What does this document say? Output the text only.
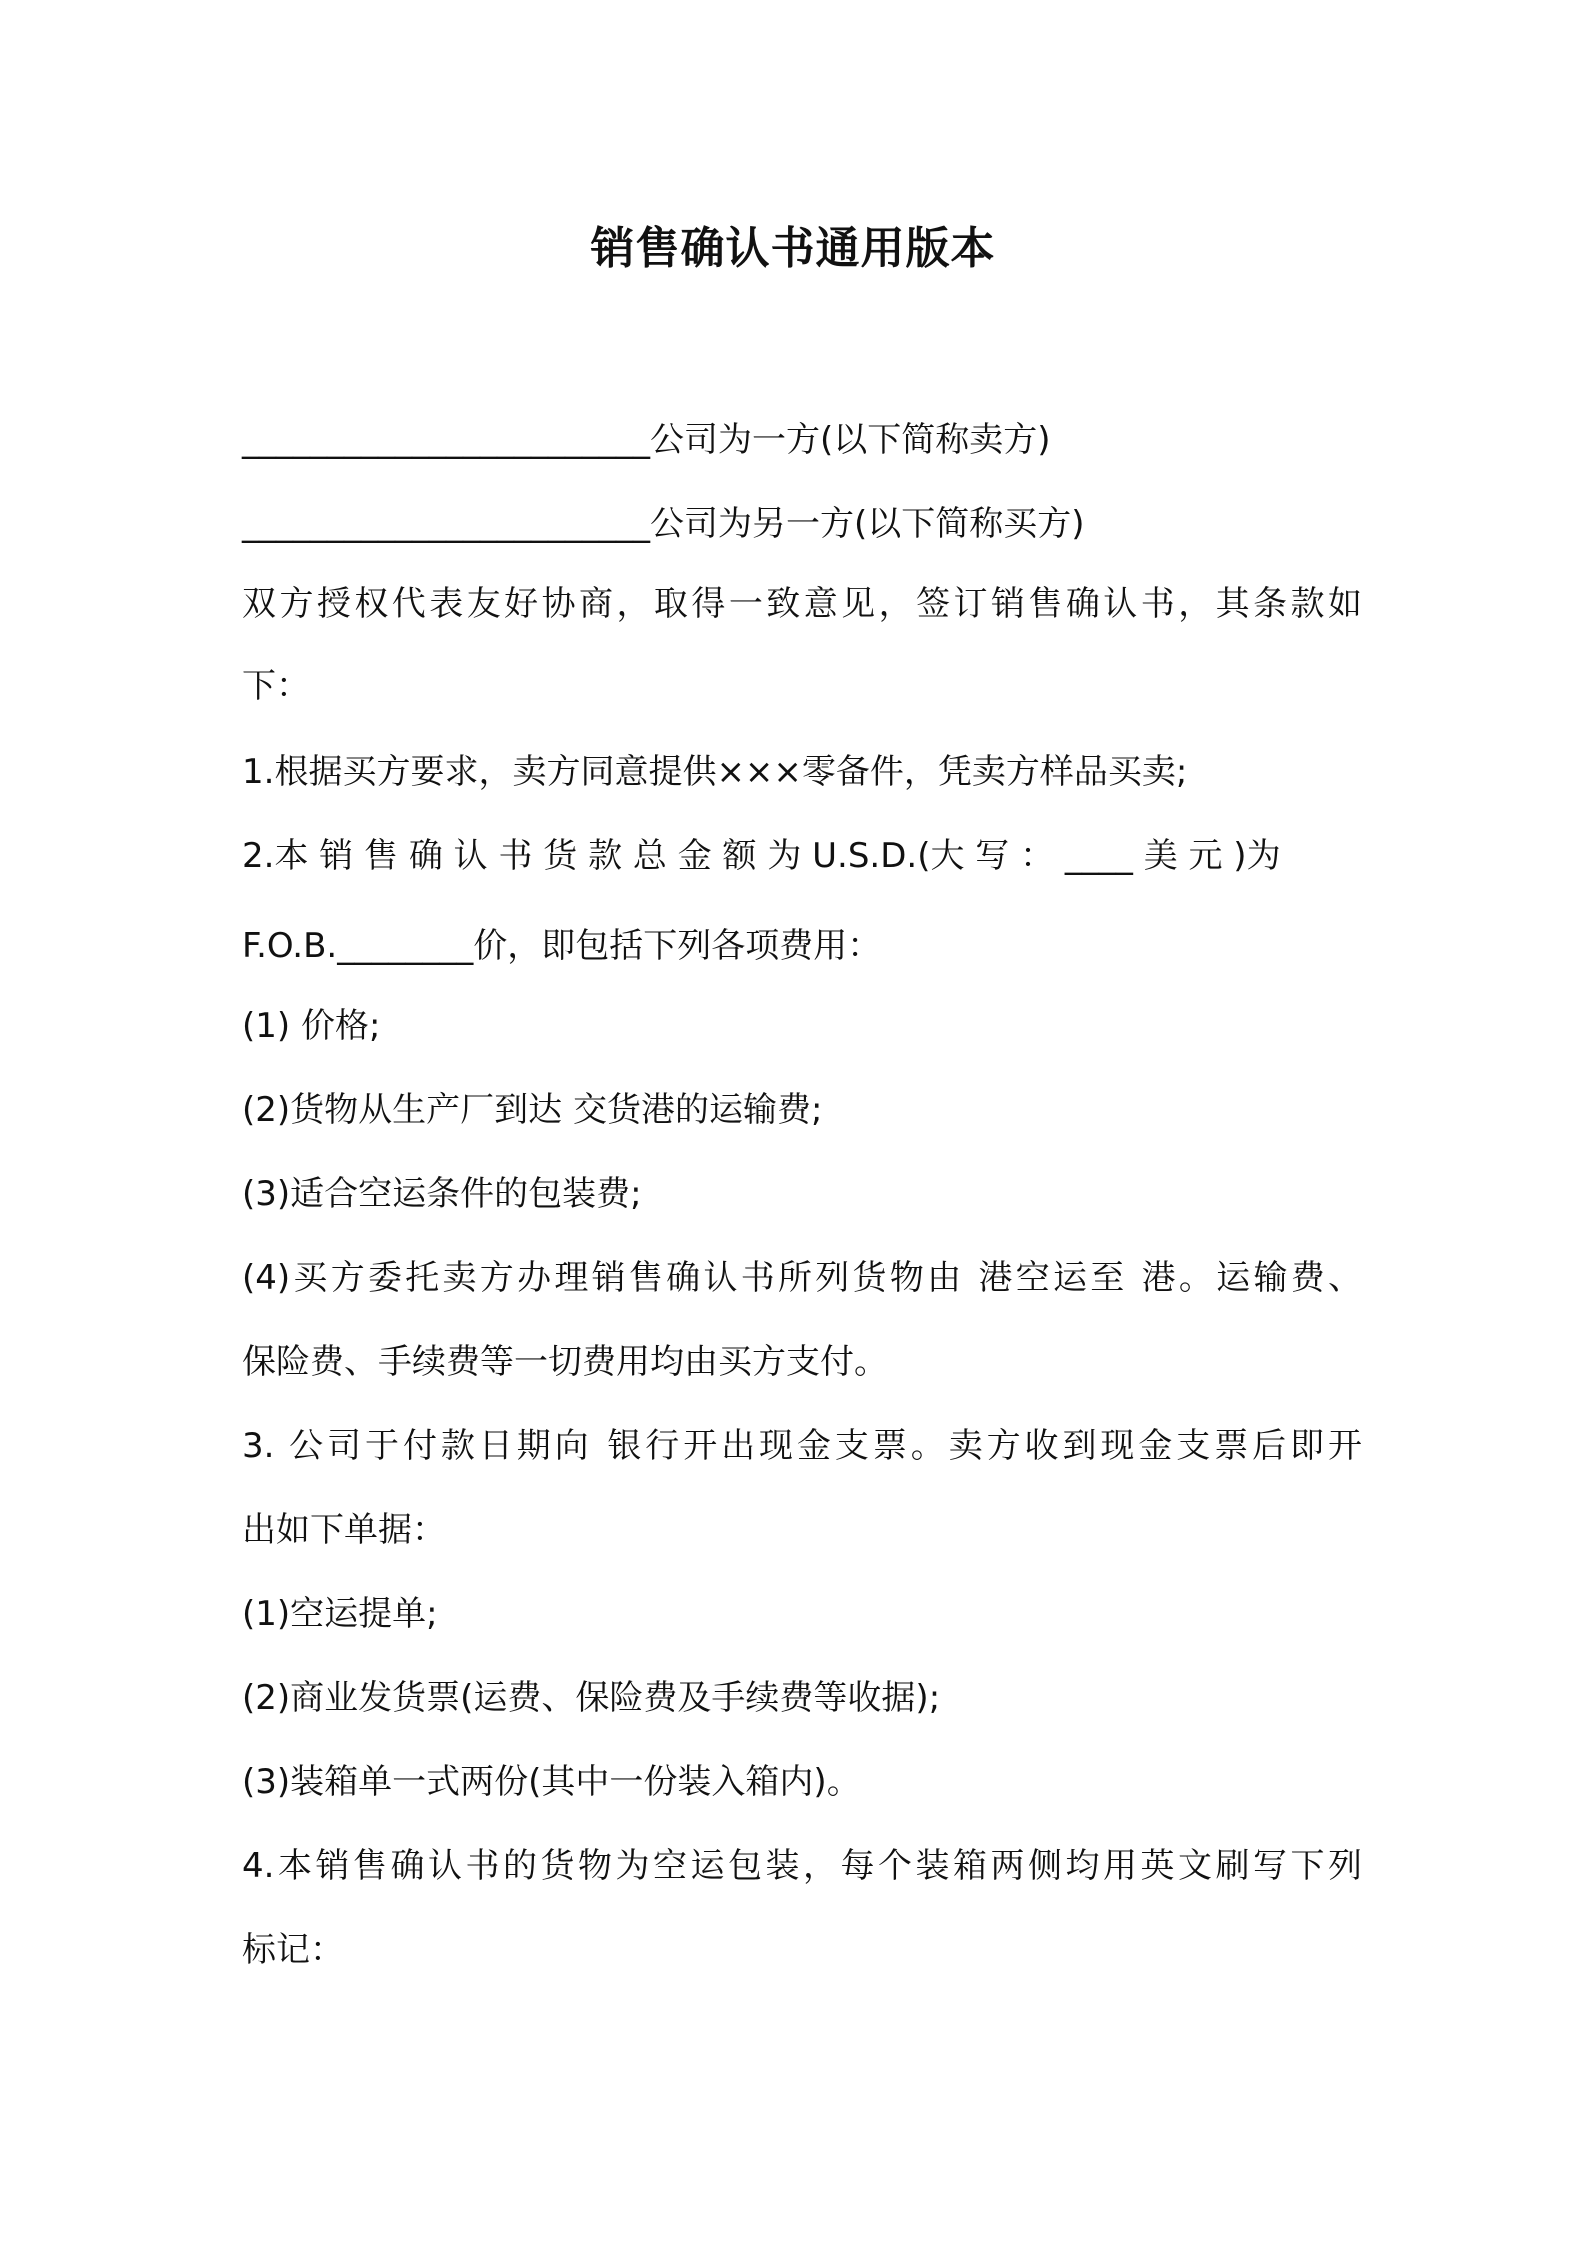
销售确认书通用版本
________________________公司为一方(以下简称卖方)
________________________公司为另一方(以下简称买方)
双方授权代表友好协商，取得一致意见，签订销售确认书，其条款如
下：
1.根据买方要求，卖方同意提供×××零备件，凭卖方样品买卖;
2.本 销 售 确 认 书 货 款 总 金 额 为 U.S.D.(大 写 ： ____ 美 元 )为
F.O.B.________价，即包括下列各项费用：
(1) 价格;
(2)货物从生产厂到达 交货港的运输费;
(3)适合空运条件的包装费;
(4)买方委托卖方办理销售确认书所列货物由 港空运至 港。运输费、
保险费、手续费等一切费用均由买方支付。
3. 公司于付款日期向 银行开出现金支票。卖方收到现金支票后即开
出如下单据：
(1)空运提单;
(2)商业发货票(运费、保险费及手续费等收据);
(3)装箱单一式两份(其中一份装入箱内)。
4.本销售确认书的货物为空运包装，每个装箱两侧均用英文刷写下列
标记：
